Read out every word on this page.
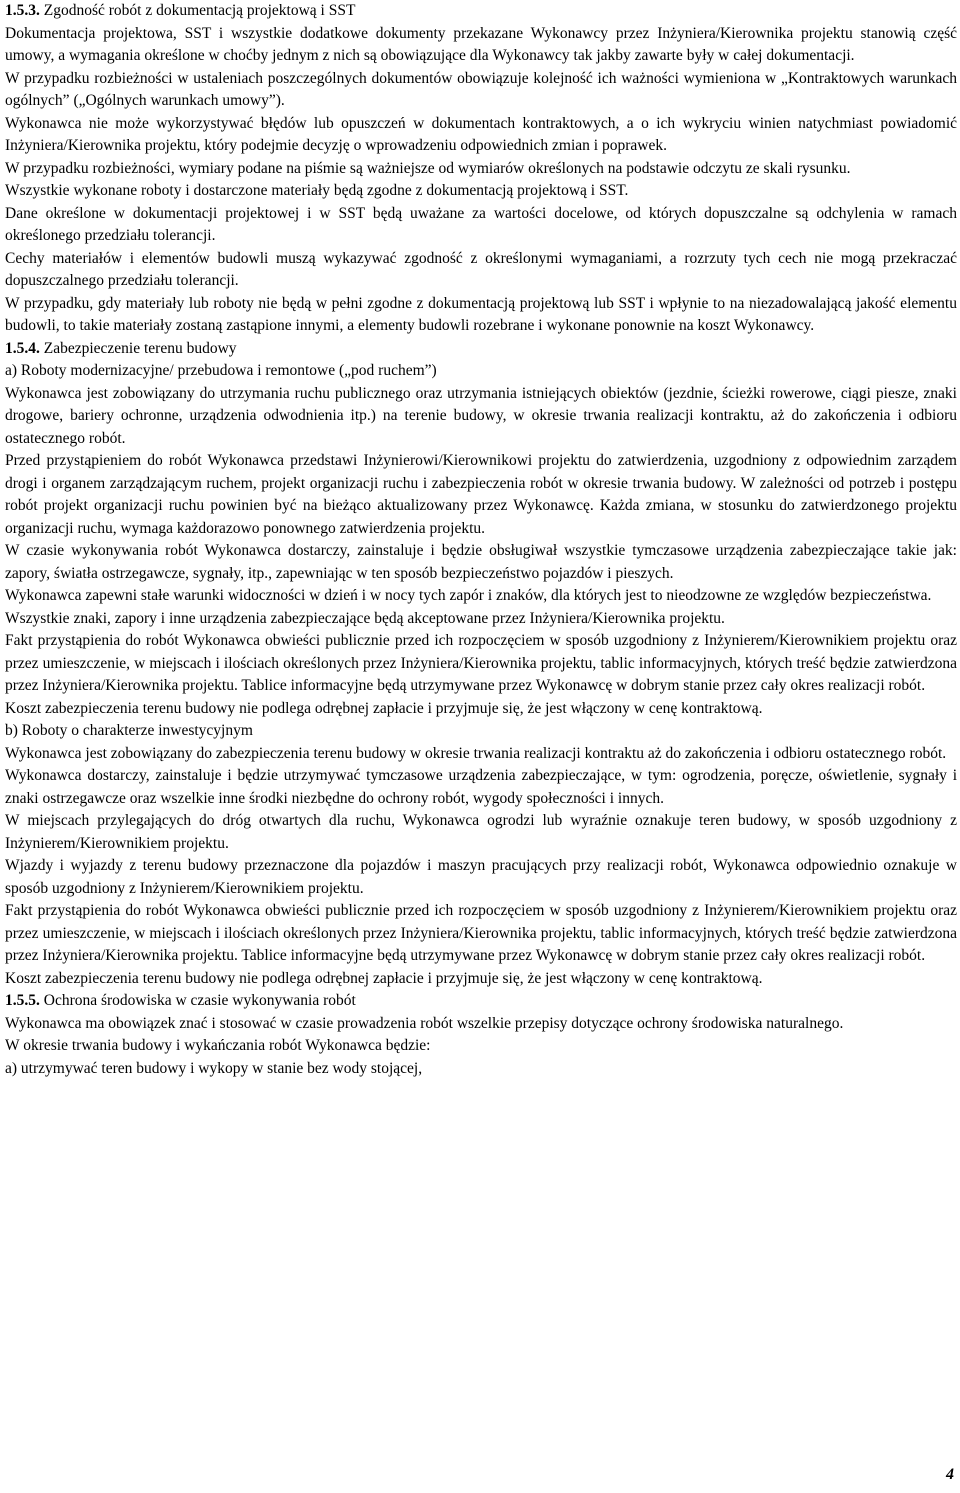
1.5.3. Zgodność robót z dokumentacją projektową i SST

Dokumentacja projektowa, SST i wszystkie dodatkowe dokumenty przekazane Wykonawcy przez Inżyniera/Kierownika projektu stanowią część umowy, a wymagania określone w choćby jednym z nich są obowiązujące dla Wykonawcy tak jakby zawarte były w całej dokumentacji.

W przypadku rozbieżności w ustaleniach poszczególnych dokumentów obowiązuje kolejność ich ważności wymieniona w „Kontraktowych warunkach ogólnych” („Ogólnych warunkach umowy”).

Wykonawca nie może wykorzystywać błędów lub opuszczeń w dokumentach kontraktowych, a o ich wykryciu winien natychmiast powiadomić Inżyniera/Kierownika projektu, który podejmie decyzję o wprowadzeniu odpowiednich zmian i poprawek.

W przypadku rozbieżności, wymiary podane na piśmie są ważniejsze od wymiarów określonych na podstawie odczytu ze skali rysunku.

Wszystkie wykonane roboty i dostarczone materiały będą zgodne z dokumentacją projektową i SST.

Dane określone w dokumentacji projektowej i w SST będą uważane za wartości docelowe, od których dopuszczalne są odchylenia w ramach określonego przedziału tolerancji.

Cechy materiałów i elementów budowli muszą wykazywać zgodność z określonymi wymaganiami, a rozrzuty tych cech nie mogą przekraczać dopuszczalnego przedziału tolerancji.

W przypadku, gdy materiały lub roboty nie będą w pełni zgodne z dokumentacją projektową lub SST i wpłynie to na niezadowalającą jakość elementu budowli, to takie materiały zostaną zastąpione innymi, a elementy budowli rozebrane i wykonane ponownie na koszt Wykonawcy.

1.5.4. Zabezpieczenie terenu budowy

a) Roboty modernizacyjne/ przebudowa i remontowe („pod ruchem”)

Wykonawca jest zobowiązany do utrzymania ruchu publicznego oraz utrzymania istniejących obiektów (jezdnie, ścieżki rowerowe, ciągi piesze, znaki drogowe, bariery ochronne, urządzenia odwodnienia itp.) na terenie budowy, w okresie trwania realizacji kontraktu, aż do zakończenia i odbioru ostatecznego robót.

Przed przystąpieniem do robót Wykonawca przedstawi Inżynierowi/Kierownikowi projektu do zatwierdzenia, uzgodniony z odpowiednim zarządem drogi i organem zarządzającym ruchem, projekt organizacji ruchu i zabezpieczenia robót w okresie trwania budowy. W zależności od potrzeb i postępu robót projekt organizacji ruchu powinien być na bieżąco aktualizowany przez Wykonawcę. Każda zmiana, w stosunku do zatwierdzonego projektu organizacji ruchu, wymaga każdorazowo ponownego zatwierdzenia projektu.

W czasie wykonywania robót Wykonawca dostarczy, zainstaluje i będzie obsługiwał wszystkie tymczasowe urządzenia zabezpieczające takie jak: zapory, światła ostrzegawcze, sygnały, itp., zapewniając w ten sposób bezpieczeństwo pojazdów i pieszych.

Wykonawca zapewni stałe warunki widoczności w dzień i w nocy tych zapór i znaków, dla których jest to nieodzowne ze względów bezpieczeństwa.

Wszystkie znaki, zapory i inne urządzenia zabezpieczające będą akceptowane przez Inżyniera/Kierownika projektu.

Fakt przystąpienia do robót Wykonawca obwieści publicznie przed ich rozpoczęciem w sposób uzgodniony z Inżynierem/Kierownikiem projektu oraz przez umieszczenie, w miejscach i ilościach określonych przez Inżyniera/Kierownika projektu, tablic informacyjnych, których treść będzie zatwierdzona przez Inżyniera/Kierownika projektu. Tablice informacyjne będą utrzymywane przez Wykonawcę w dobrym stanie przez cały okres realizacji robót.

Koszt zabezpieczenia terenu budowy nie podlega odrębnej zapłacie i przyjmuje się, że jest włączony w cenę kontraktową.

b) Roboty o charakterze inwestycyjnym

Wykonawca jest zobowiązany do zabezpieczenia terenu budowy w okresie trwania realizacji kontraktu aż do zakończenia i odbioru ostatecznego robót.

Wykonawca dostarczy, zainstaluje i będzie utrzymywać tymczasowe urządzenia zabezpieczające, w tym: ogrodzenia, poręcze, oświetlenie, sygnały i znaki ostrzegawcze oraz wszelkie inne środki niezbędne do ochrony robót, wygody społeczności i innych.

W miejscach przylegających do dróg otwartych dla ruchu, Wykonawca ogrodzi lub wyraźnie oznakuje teren budowy, w sposób uzgodniony z Inżynierem/Kierownikiem projektu.

Wjazdy i wyjazdy z terenu budowy przeznaczone dla pojazdów i maszyn pracujących przy realizacji robót, Wykonawca odpowiednio oznakuje w sposób uzgodniony z Inżynierem/Kierownikiem projektu.

Fakt przystąpienia do robót Wykonawca obwieści publicznie przed ich rozpoczęciem w sposób uzgodniony z Inżynierem/Kierownikiem projektu oraz przez umieszczenie, w miejscach i ilościach określonych przez Inżyniera/Kierownika projektu, tablic informacyjnych, których treść będzie zatwierdzona przez Inżyniera/Kierownika projektu. Tablice informacyjne będą utrzymywane przez Wykonawcę w dobrym stanie przez cały okres realizacji robót.

Koszt zabezpieczenia terenu budowy nie podlega odrębnej zapłacie i przyjmuje się, że jest włączony w cenę kontraktową.

1.5.5. Ochrona środowiska w czasie wykonywania robót

Wykonawca ma obowiązek znać i stosować w czasie prowadzenia robót wszelkie przepisy dotyczące ochrony środowiska naturalnego.

W okresie trwania budowy i wykańczania robót Wykonawca będzie:

a) utrzymywać teren budowy i wykopy w stanie bez wody stojącej,

4
